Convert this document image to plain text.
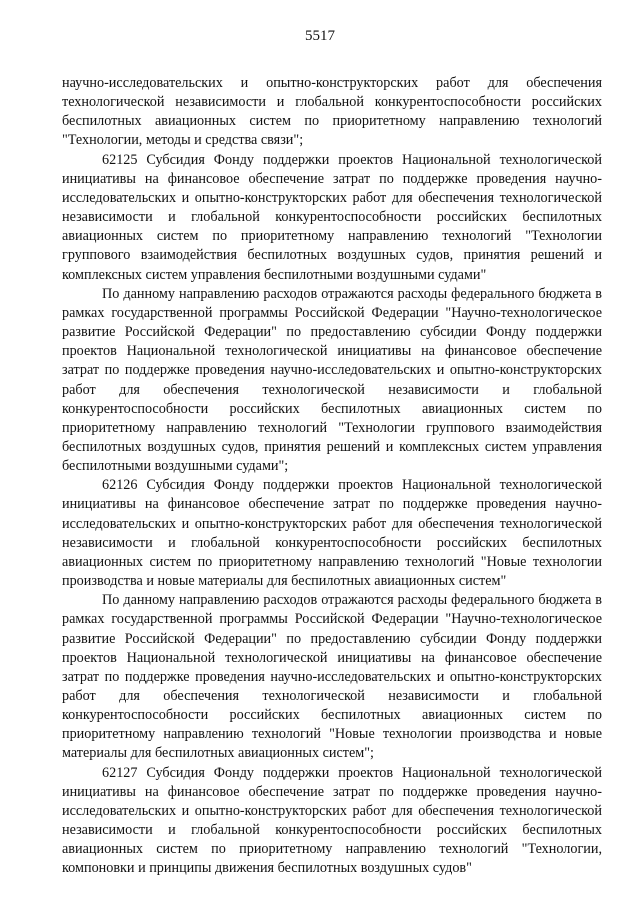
5517

научно-исследовательских и опытно-конструкторских работ для обеспечения технологической независимости и глобальной конкурентоспособности российских беспилотных авиационных систем по приоритетному направлению технологий "Технологии, методы и средства связи";

62125 Субсидия Фонду поддержки проектов Национальной технологической инициативы на финансовое обеспечение затрат по поддержке проведения научно-исследовательских и опытно-конструкторских работ для обеспечения технологической независимости и глобальной конкурентоспособности российских беспилотных авиационных систем по приоритетному направлению технологий "Технологии группового взаимодействия беспилотных воздушных судов, принятия решений и комплексных систем управления беспилотными воздушными судами"

По данному направлению расходов отражаются расходы федерального бюджета в рамках государственной программы Российской Федерации "Научно-технологическое развитие Российской Федерации" по предоставлению субсидии Фонду поддержки проектов Национальной технологической инициативы на финансовое обеспечение затрат по поддержке проведения научно-исследовательских и опытно-конструкторских работ для обеспечения технологической независимости и глобальной конкурентоспособности российских беспилотных авиационных систем по приоритетному направлению технологий "Технологии группового взаимодействия беспилотных воздушных судов, принятия решений и комплексных систем управления беспилотными воздушными судами";

62126 Субсидия Фонду поддержки проектов Национальной технологической инициативы на финансовое обеспечение затрат по поддержке проведения научно-исследовательских и опытно-конструкторских работ для обеспечения технологической независимости и глобальной конкурентоспособности российских беспилотных авиационных систем по приоритетному направлению технологий "Новые технологии производства и новые материалы для беспилотных авиационных систем"

По данному направлению расходов отражаются расходы федерального бюджета в рамках государственной программы Российской Федерации "Научно-технологическое развитие Российской Федерации" по предоставлению субсидии Фонду поддержки проектов Национальной технологической инициативы на финансовое обеспечение затрат по поддержке проведения научно-исследовательских и опытно-конструкторских работ для обеспечения технологической независимости и глобальной конкурентоспособности российских беспилотных авиационных систем по приоритетному направлению технологий "Новые технологии производства и новые материалы для беспилотных авиационных систем";

62127 Субсидия Фонду поддержки проектов Национальной технологической инициативы на финансовое обеспечение затрат по поддержке проведения научно-исследовательских и опытно-конструкторских работ для обеспечения технологической независимости и глобальной конкурентоспособности российских беспилотных авиационных систем по приоритетному направлению технологий "Технологии, компоновки и принципы движения беспилотных воздушных судов"
